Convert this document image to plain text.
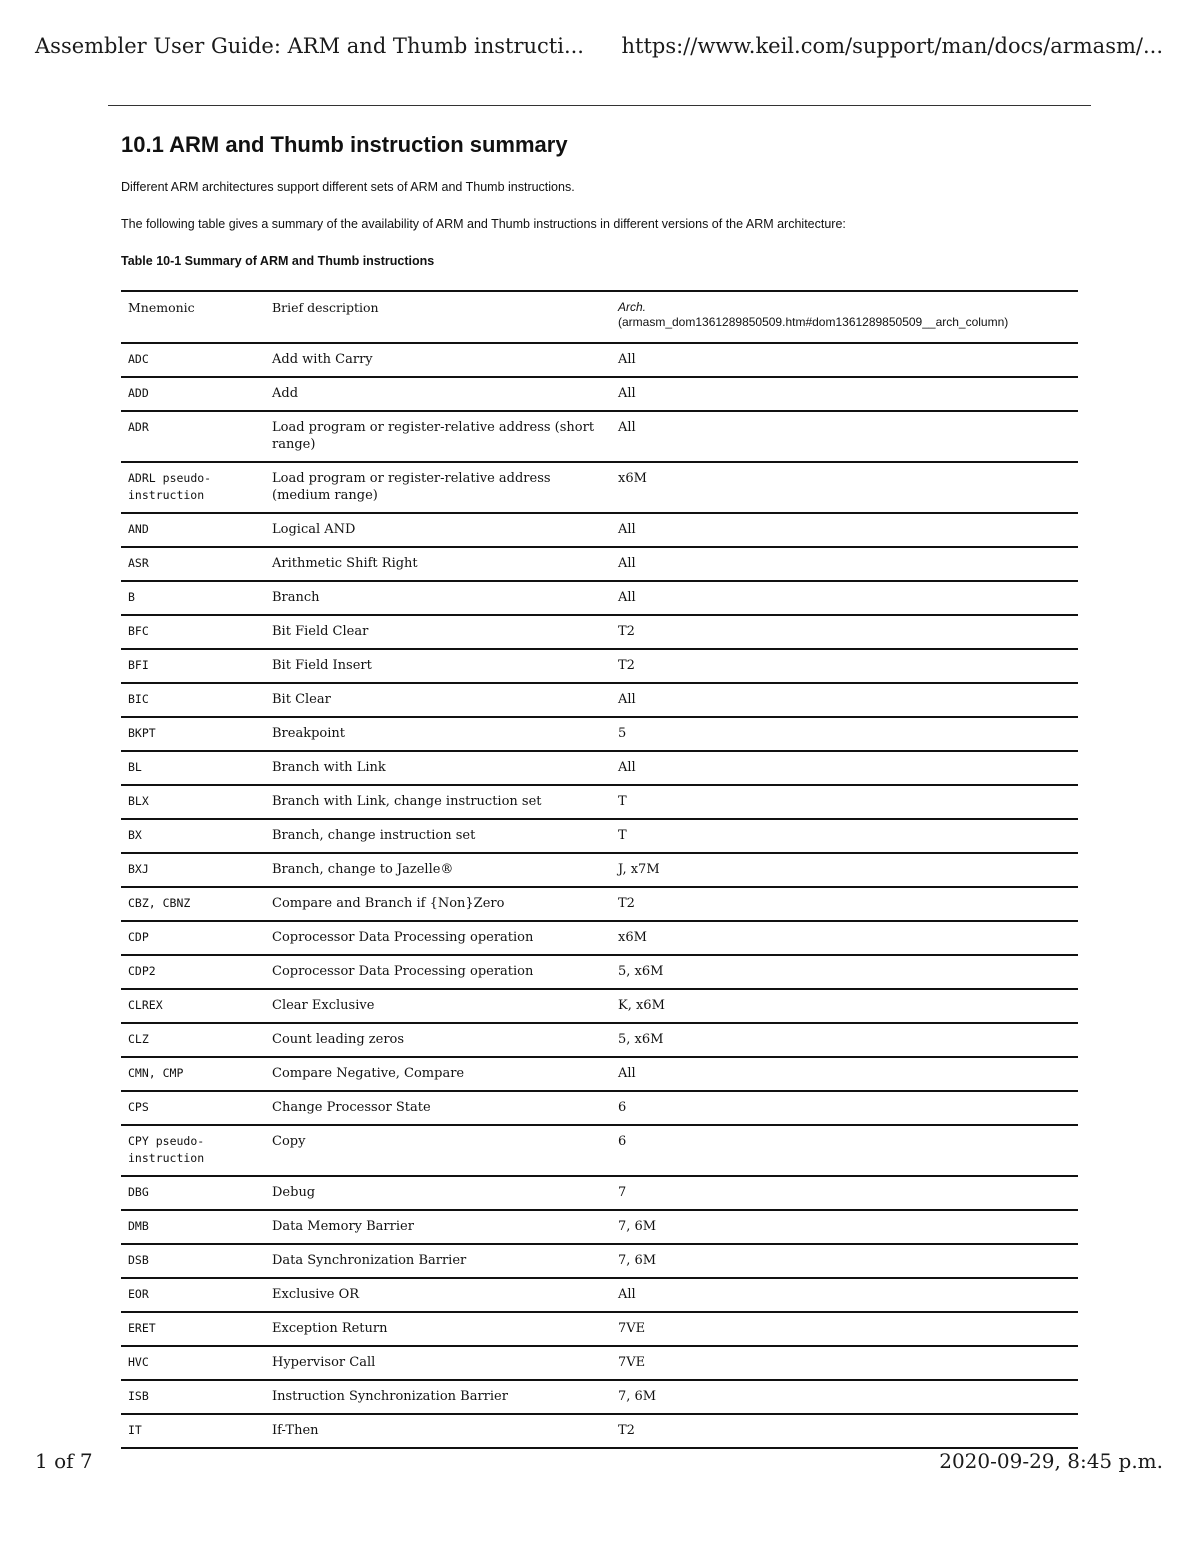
Assembler User Guide: ARM and Thumb instructi... https://www.keil.com/support/man/docs/armasm/...
10.1 ARM and Thumb instruction summary

Different ARM architectures support different sets of ARM and Thumb instructions.

The following table gives a summary of the availability of ARM and Thumb instructions in different versions of the ARM architecture:

Table 10-1 Summary of ARM and Thumb instructions
Mnemonic	Brief description	Arch.
(armasm_dom1361289850509.htm#dom1361289850509__arch_column)
ADC	Add with Carry	All
ADD	Add	All
ADR	Load program or register-relative address (short range)	All
ADRL pseudo-instruction	Load program or register-relative address (medium range)	x6M
AND	Logical AND	All
ASR	Arithmetic Shift Right	All
B	Branch	All
BFC	Bit Field Clear	T2
BFI	Bit Field Insert	T2
BIC	Bit Clear	All
BKPT	Breakpoint	5
BL	Branch with Link	All
BLX	Branch with Link, change instruction set	T
BX	Branch, change instruction set	T
BXJ	Branch, change to Jazelle®	J, x7M
CBZ, CBNZ	Compare and Branch if {Non}Zero	T2
CDP	Coprocessor Data Processing operation	x6M
CDP2	Coprocessor Data Processing operation	5, x6M
CLREX	Clear Exclusive	K, x6M
CLZ	Count leading zeros	5, x6M
CMN, CMP	Compare Negative, Compare	All
CPS	Change Processor State	6
CPY pseudo-instruction	Copy	6
DBG	Debug	7
DMB	Data Memory Barrier	7, 6M
DSB	Data Synchronization Barrier	7, 6M
EOR	Exclusive OR	All
ERET	Exception Return	7VE
HVC	Hypervisor Call	7VE
ISB	Instruction Synchronization Barrier	7, 6M
IT	If-Then	T2
1 of 7	2020-09-29, 8:45 p.m.
